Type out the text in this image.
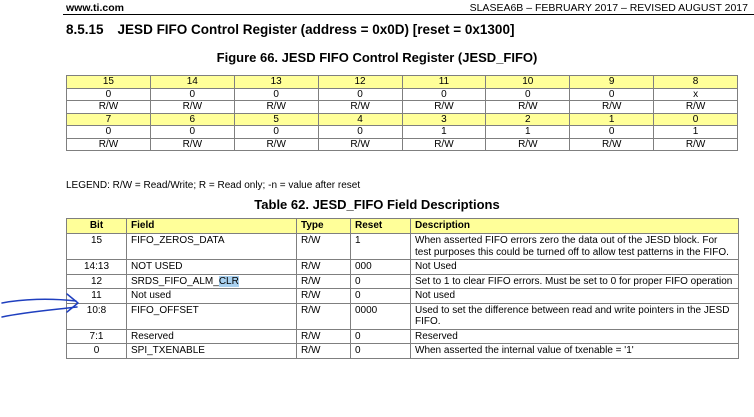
www.ti.com	SLASEA6B – FEBRUARY 2017 – REVISED AUGUST 2017
8.5.15 JESD FIFO Control Register (address = 0x0D) [reset = 0x1300]
Figure 66. JESD FIFO Control Register (JESD_FIFO)
15	14	13	12	11	10	9	8
0	0	0	0	0	0	0	x
R/W	R/W	R/W	R/W	R/W	R/W	R/W	R/W
7	6	5	4	3	2	1	0
0	0	0	0	1	1	0	1
R/W	R/W	R/W	R/W	R/W	R/W	R/W	R/W
LEGEND: R/W = Read/Write; R = Read only; -n = value after reset
Table 62. JESD_FIFO Field Descriptions
Bit	Field	Type	Reset	Description
15	FIFO_ZEROS_DATA	R/W	1	When asserted FIFO errors zero the data out of the JESD block. For test purposes this could be turned off to allow test patterns in the FIFO.
14:13	NOT USED	R/W	000	Not Used
12	SRDS_FIFO_ALM_CLR	R/W	0	Set to 1 to clear FIFO errors. Must be set to 0 for proper FIFO operation
11	Not used	R/W	0	Not used
10:8	FIFO_OFFSET	R/W	0000	Used to set the difference between read and write pointers in the JESD FIFO.
7:1	Reserved	R/W	0	Reserved
0	SPI_TXENABLE	R/W	0	When asserted the internal value of txenable = '1'
